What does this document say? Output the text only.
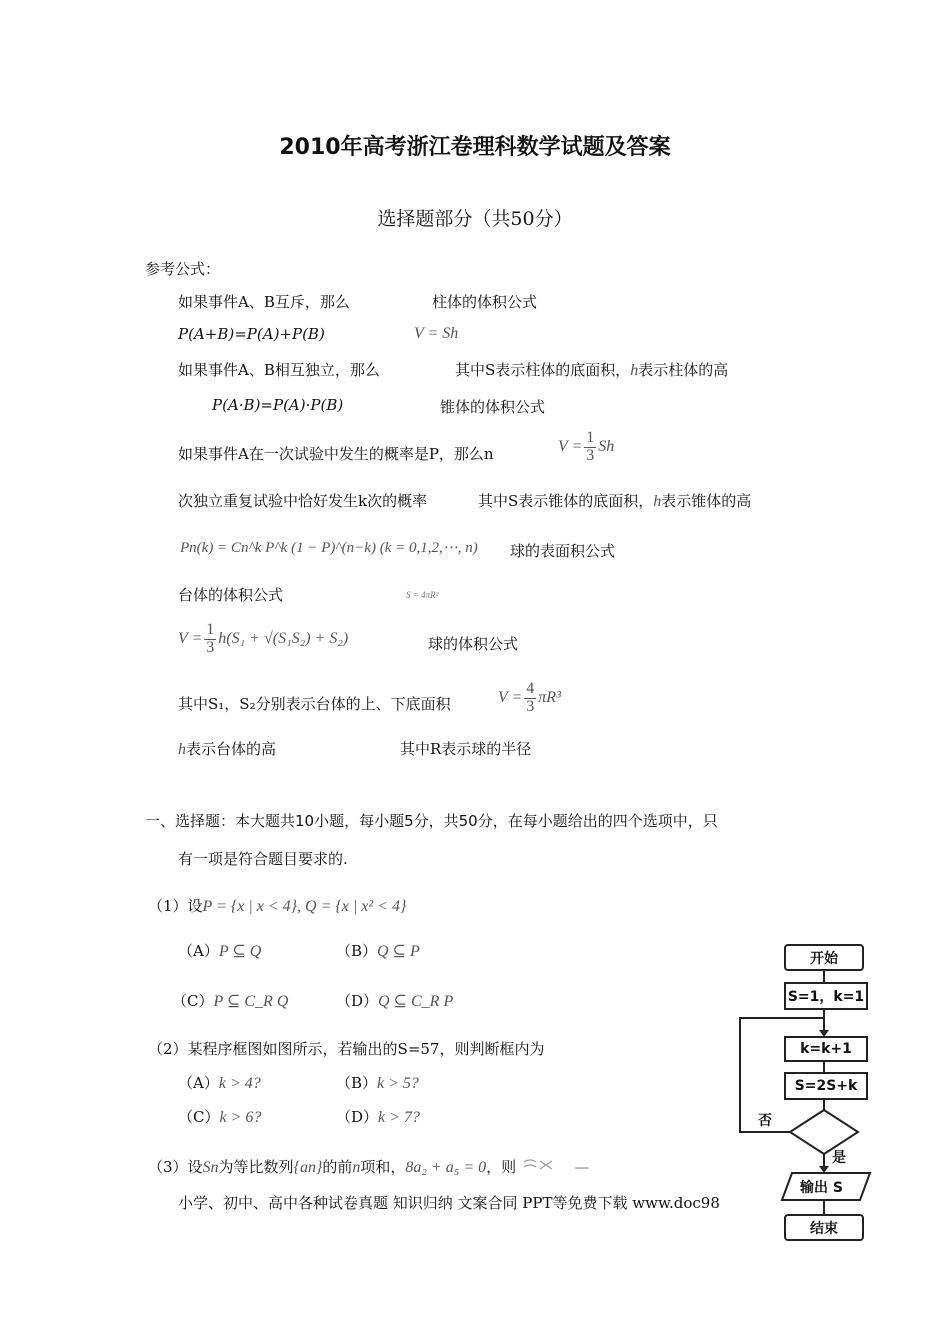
2010年高考浙江卷理科数学试题及答案
选择题部分（共50分）
参考公式：
如果事件A、B互斥，那么	柱体的体积公式
P(A+B)=P(A)+P(B)	V = Sh
如果事件A、B相互独立，那么	其中S表示柱体的底面积，h表示柱体的高
P(A·B)=P(A)·P(B)	锥体的体积公式
如果事件A在一次试验中发生的概率是P，那么n	$V = \frac{1}{3}$ Sh
次独立重复试验中恰好发生k次的概率	其中S表示锥体的底面积，h表示锥体的高
Pn(k) = Cn^k P^k (1 − P)^(n−k) (k = 0,1,2,⋯, n) 球的表面积公式
台体的体积公式	S = 4πR²
$V = \frac{1}{3} h(S_1 + √(S_1S_2) + S_2)$	球的体积公式
其中S₁，S₂分别表示台体的上、下底面积	$V = \frac{4}{3} \pi R^3$
h表示台体的高	其中R表示球的半径
一、选择题：本大题共10小题，每小题5分，共50分，在每小题给出的四个选项中，只
有一项是符合题目要求的.
（1）设P = {x | x < 4}, Q = {x | x² < 4}
（A）P ⊆ Q	（B）Q ⊆ P
（C）P ⊆ C_R Q	（D）Q ⊆ C_R P
（2）某程序框图如图所示，若输出的S=57，则判断框内为
（A）k > 4?	（B）k > 5?
（C）k > 6?	（D）k > 7?
（3）设Sn为等比数列{an}的前n项和，8a₂ + a₅ = 0，则	—
小学、初中、高中各种试卷真题 知识归纳 文案合同 PPT等免费下载 www.doc98
开始
S=1，k=1
k=k+1
S=2S+k
否
是
输出 S
结束
